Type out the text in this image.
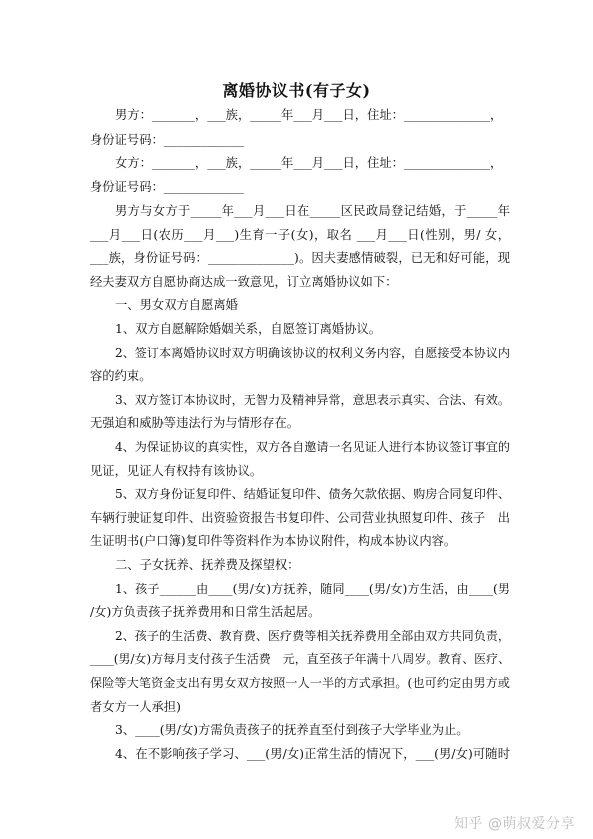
离婚协议书(有子女)
男方：_______，___族，_____年___月___日，住址：______________，
身份证号码：_____________
女方：_______，___族，_____年___月___日，住址：______________，
身份证号码：_____________
男方与女方于_____年___月___日在_____区民政局登记结婚，于_____年
___月___日(农历___月___)生育一子(女)，取名 ___月___日(性别，男/ 女，
___族，身份证号码：______________)。因夫妻感情破裂，已无和好可能，现
经夫妻双方自愿协商达成一致意见，订立离婚协议如下：
一、男女双方自愿离婚
1、双方自愿解除婚姻关系，自愿签订离婚协议。
2、签订本离婚协议时双方明确该协议的权利义务内容，自愿接受本协议内
容的约束。
3、双方签订本协议时，无智力及精神异常，意思表示真实、合法、有效。
无强迫和威胁等违法行为与情形存在。
4、为保证协议的真实性，双方各自邀请一名见证人进行本协议签订事宜的
见证，见证人有权持有该协议。
5、双方身份证复印件、结婚证复印件、债务欠款依据、购房合同复印件、
车辆行驶证复印件、出资验资报告书复印件、公司营业执照复印件、孩子　出
生证明书(户口簿)复印件等资料作为本协议附件，构成本协议内容。
二、子女抚养、抚养费及探望权：
1、孩子______由____(男/女)方抚养，随同____(男/女)方生活，由____(男
/女)方负责孩子抚养费用和日常生活起居。
2、孩子的生活费、教育费、医疗费等相关抚养费用全部由双方共同负责，
____(男/女)方每月支付孩子生活费　元，直至孩子年满十八周岁。教育、医疗、
保险等大笔资金支出有男女双方按照一人一半的方式承担。(也可约定由男方或
者女方一人承担)
3、____(男/女)方需负责孩子的抚养直至付到孩子大学毕业为止。
4、在不影响孩子学习、___(男/女)正常生活的情况下，___(男/女)可随时
知乎 @萌叔爱分享
